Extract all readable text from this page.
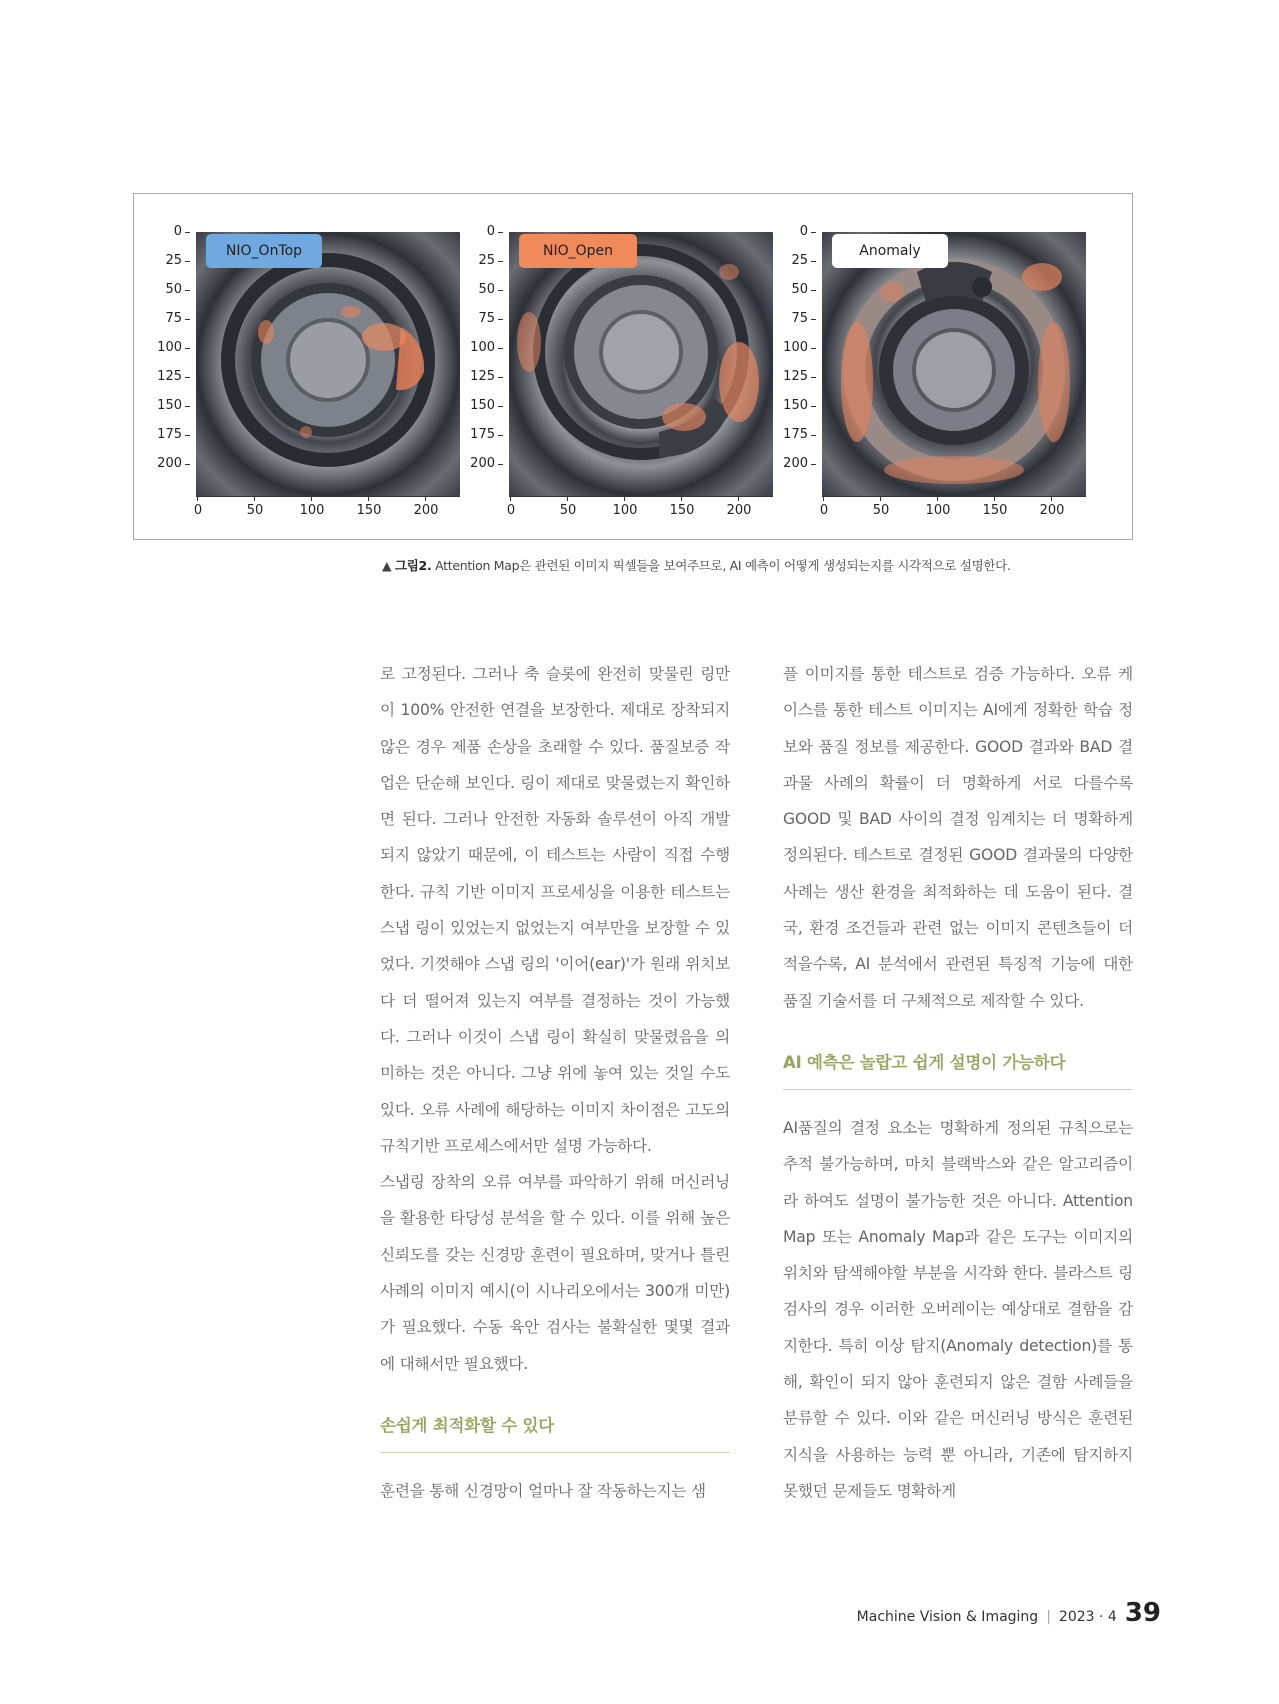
0
25
50
75
100
125
150
175
200
0	50	100	150	200
NIO_OnTop
0
25
50
75
100
125
150
175
200
0	50	100	150	200
NIO_Open
0
25
50
75
100
125
150
175
200
0	50	100	150	200
Anomaly
▲ 그림2. Attention Map은 관련된 이미지 픽셀들을 보여주므로, AI 예측이 어떻게 생성되는지를 시각적으로 설명한다.

로 고정된다. 그러나 축 슬롯에 완전히 맞물린 링만이 100% 안전한 연결을 보장한다. 제대로 장착되지 않은 경우 제품 손상을 초래할 수 있다. 품질보증 작업은 단순해 보인다. 링이 제대로 맞물렸는지 확인하면 된다. 그러나 안전한 자동화 솔루션이 아직 개발되지 않았기 때문에, 이 테스트는 사람이 직접 수행한다. 규칙 기반 이미지 프로세싱을 이용한 테스트는 스냅 링이 있었는지 없었는지 여부만을 보장할 수 있었다. 기껏해야 스냅 링의 '이어(ear)'가 원래 위치보다 더 떨어져 있는지 여부를 결정하는 것이 가능했다. 그러나 이것이 스냅 링이 확실히 맞물렸음을 의미하는 것은 아니다. 그냥 위에 놓여 있는 것일 수도 있다. 오류 사례에 해당하는 이미지 차이점은 고도의 규칙기반 프로세스에서만 설명 가능하다.

스냅링 장착의 오류 여부를 파악하기 위해 머신러닝을 활용한 타당성 분석을 할 수 있다. 이를 위해 높은 신뢰도를 갖는 신경망 훈련이 필요하며, 맞거나 틀린 사례의 이미지 예시(이 시나리오에서는 300개 미만)가 필요했다. 수동 육안 검사는 불확실한 몇몇 결과에 대해서만 필요했다.

손쉽게 최적화할 수 있다

훈련을 통해 신경망이 얼마나 잘 작동하는지는 샘

플 이미지를 통한 테스트로 검증 가능하다. 오류 케이스를 통한 테스트 이미지는 AI에게 정확한 학습 정보와 품질 정보를 제공한다. GOOD 결과와 BAD 결과물 사례의 확률이 더 명확하게 서로 다를수록 GOOD 및 BAD 사이의 결정 임계치는 더 명확하게 정의된다. 테스트로 결정된 GOOD 결과물의 다양한 사례는 생산 환경을 최적화하는 데 도움이 된다. 결국, 환경 조건들과 관련 없는 이미지 콘텐츠들이 더 적을수록, AI 분석에서 관련된 특징적 기능에 대한 품질 기술서를 더 구체적으로 제작할 수 있다.

AI 예측은 놀랍고 쉽게 설명이 가능하다

AI품질의 결정 요소는 명확하게 정의된 규칙으로는 추적 불가능하며, 마치 블랙박스와 같은 알고리즘이라 하여도 설명이 불가능한 것은 아니다. Attention Map 또는 Anomaly Map과 같은 도구는 이미지의 위치와 탐색해야할 부분을 시각화 한다. 블라스트 링 검사의 경우 이러한 오버레이는 예상대로 결함을 감지한다. 특히 이상 탐지(Anomaly detection)를 통해, 확인이 되지 않아 훈련되지 않은 결함 사례들을 분류할 수 있다. 이와 같은 머신러닝 방식은 훈련된 지식을 사용하는 능력 뿐 아니라, 기존에 탐지하지 못했던 문제들도 명확하게

Machine Vision & Imaging | 2023 · 4 39
